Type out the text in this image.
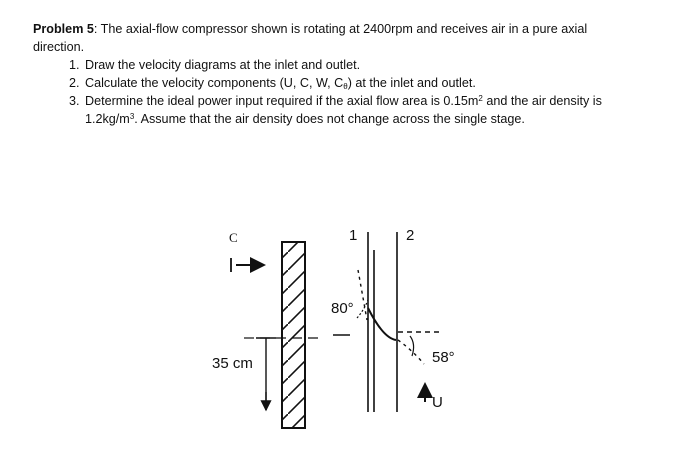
Problem 5: The axial-flow compressor shown is rotating at 2400rpm and receives air in a pure axial
direction.
1. Draw the velocity diagrams at the inlet and outlet.
2. Calculate the velocity components (U, C, W, $C_\theta$) at the inlet and outlet.
3. Determine the ideal power input required if the axial flow area is $0.15m^2$ and the air density is
$1.2kg/m^3$. Assume that the air density does not change across the single stage.
C
35 cm
1	2
80°
58°
U
